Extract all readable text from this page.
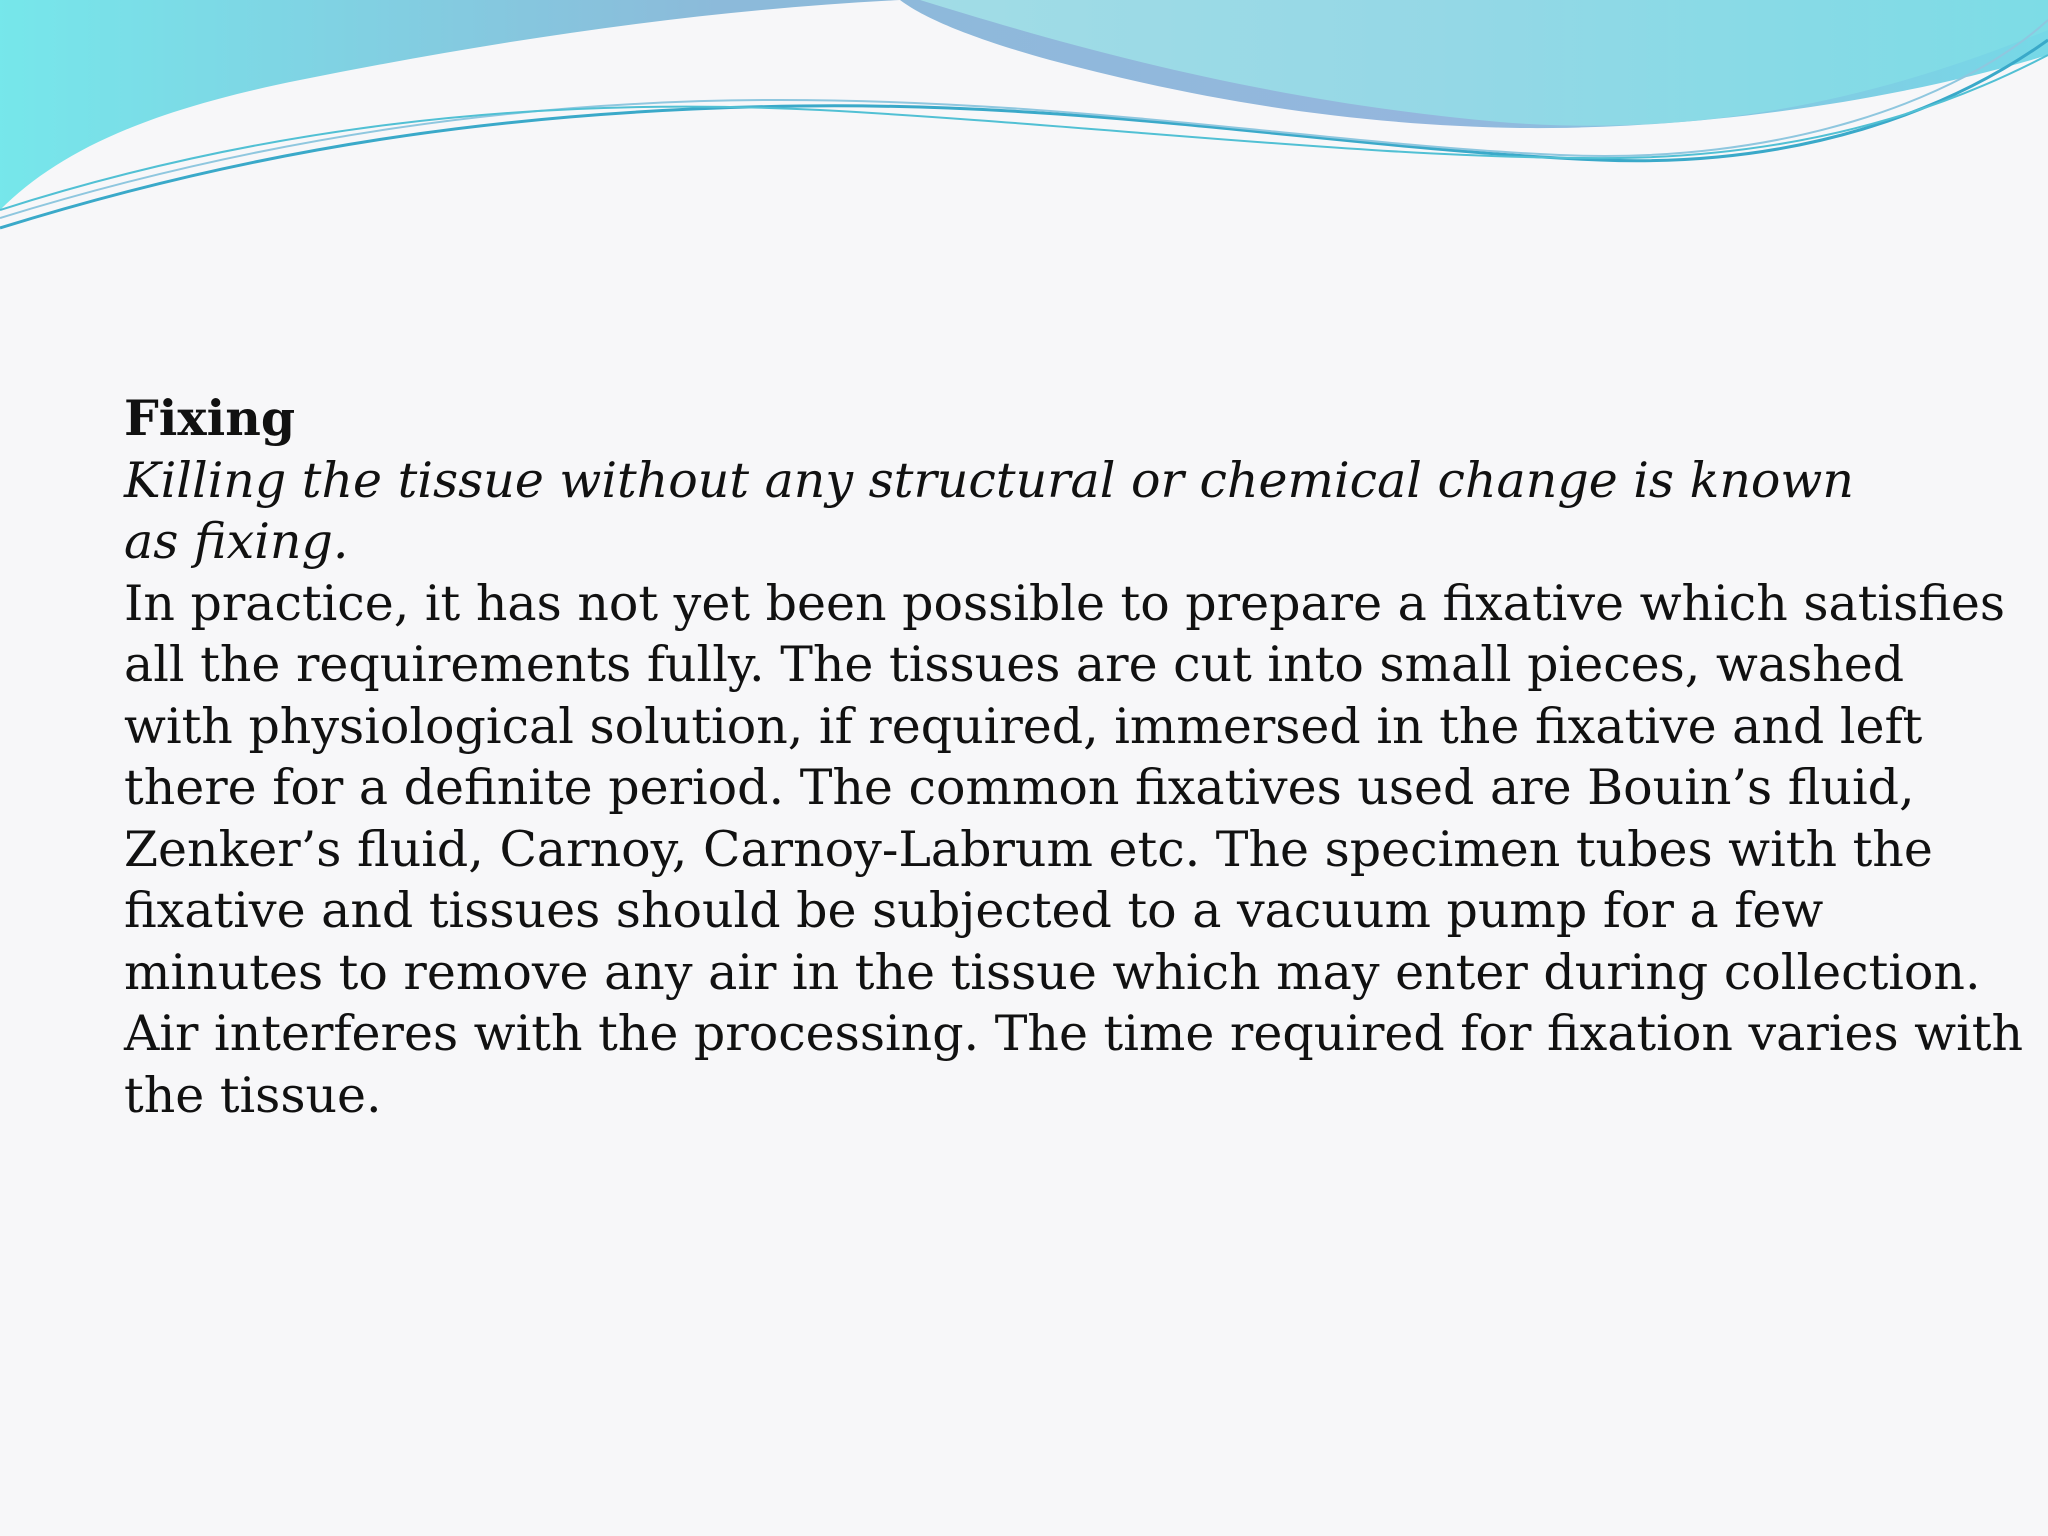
Fixing

Killing the tissue without any structural or chemical change is known as fixing.

In practice, it has not yet been possible to prepare a fixative which satisfies all the requirements fully. The tissues are cut into small pieces, washed with physiological solution, if required, immersed in the fixative and left there for a definite period. The common fixatives used are Bouin’s fluid, Zenker’s fluid, Carnoy, Carnoy-Labrum etc. The specimen tubes with the fixative and tissues should be subjected to a vacuum pump for a few minutes to remove any air in the tissue which may enter during collection. Air interferes with the processing. The time required for fixation varies with the tissue.
